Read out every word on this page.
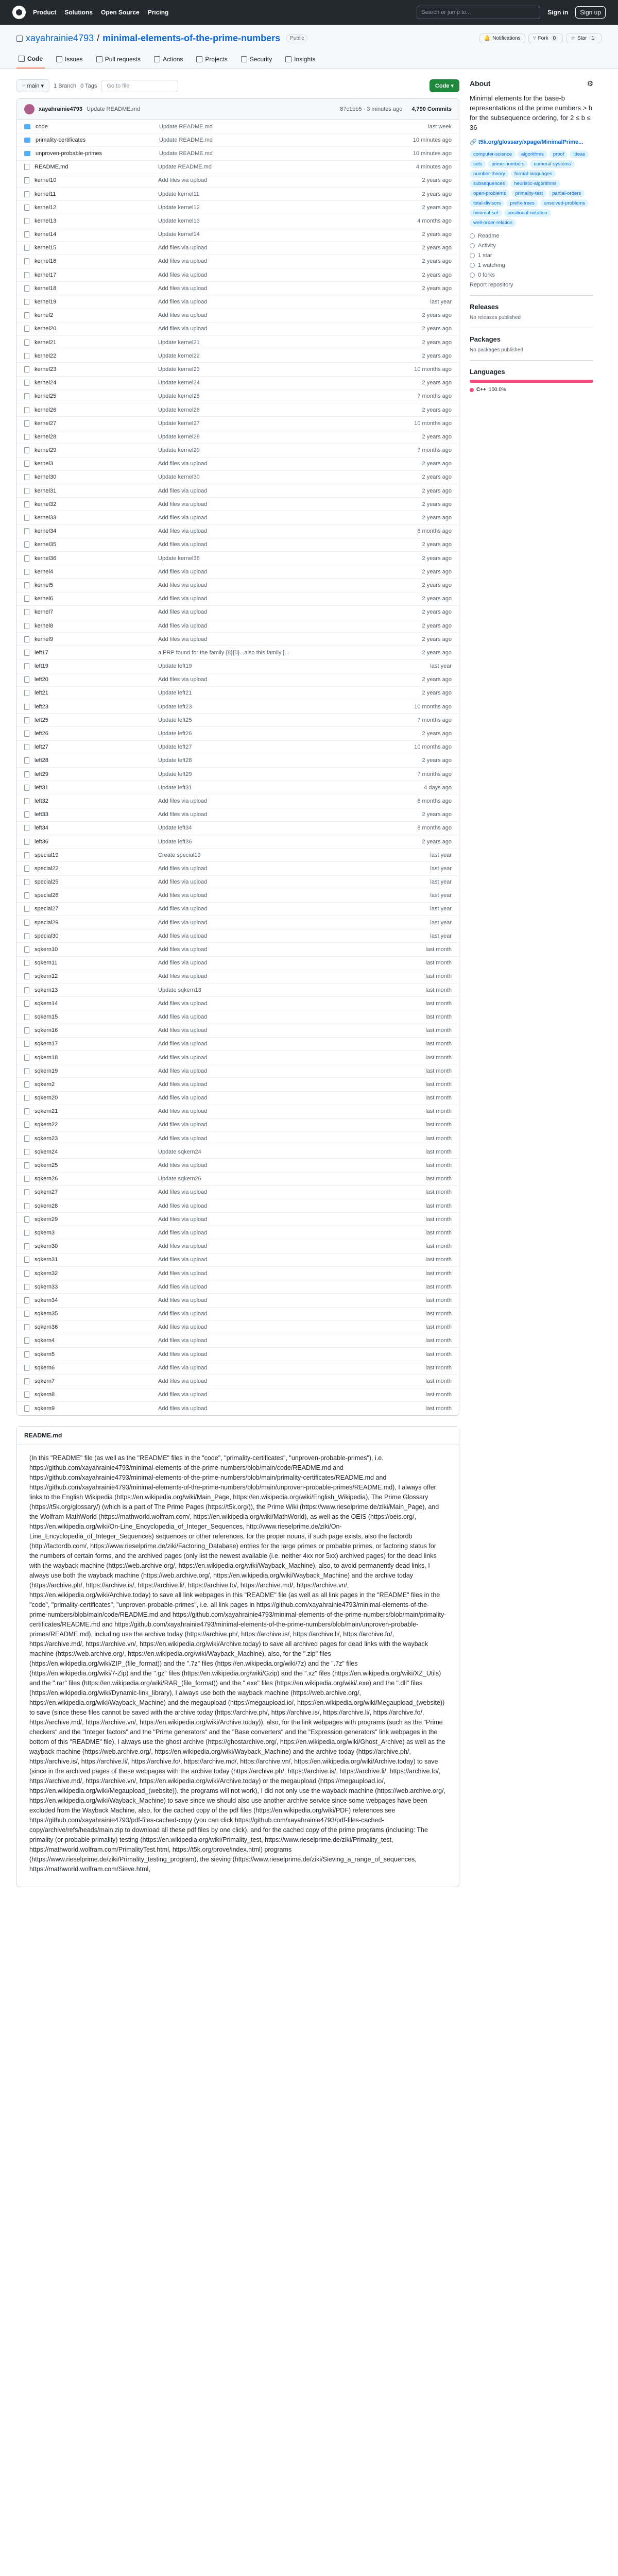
Product Solutions Open Source Pricing	Search or jump to...	Sign in	Sign up
xayahrainie4793 / minimal-elements-of-the-prime-numbers	Public	🔔 Notifications ⑂ Fork 0	☆ Star 1
Code	Issues	Pull requests	Actions	Projects	Security	Insights
⑂ main ▾	1 Branch 0 Tags	Go to file	Code ▾
xayahrainie4793 Update README.md	87c1bb5 · 3 minutes ago 4,790 Commits
code	Update README.md	last week
primality-certificates	Update README.md	10 minutes ago
unproven-probable-primes	Update README.md	10 minutes ago
README.md	Update README.md	4 minutes ago
kernel10	Add files via upload	2 years ago
kernel11	Update kernel11	2 years ago
kernel12	Update kernel12	2 years ago
kernel13	Update kernel13	4 months ago
kernel14	Update kernel14	2 years ago
kernel15	Add files via upload	2 years ago
kernel16	Add files via upload	2 years ago
kernel17	Add files via upload	2 years ago
kernel18	Add files via upload	2 years ago
kernel19	Add files via upload	last year
kernel2	Add files via upload	2 years ago
kernel20	Add files via upload	2 years ago
kernel21	Update kernel21	2 years ago
kernel22	Update kernel22	2 years ago
kernel23	Update kernel23	10 months ago
kernel24	Update kernel24	2 years ago
kernel25	Update kernel25	7 months ago
kernel26	Update kernel26	2 years ago
kernel27	Update kernel27	10 months ago
kernel28	Update kernel28	2 years ago
kernel29	Update kernel29	7 months ago
kernel3	Add files via upload	2 years ago
kernel30	Update kernel30	2 years ago
kernel31	Add files via upload	2 years ago
kernel32	Add files via upload	2 years ago
kernel33	Add files via upload	2 years ago
kernel34	Add files via upload	8 months ago
kernel35	Add files via upload	2 years ago
kernel36	Update kernel36	2 years ago
kernel4	Add files via upload	2 years ago
kernel5	Add files via upload	2 years ago
kernel6	Add files via upload	2 years ago
kernel7	Add files via upload	2 years ago
kernel8	Add files via upload	2 years ago
kernel9	Add files via upload	2 years ago
left17	a PRP found for the family {8}{0}...also this family [...	2 years ago
left19	Update left19	last year
left20	Add files via upload	2 years ago
left21	Update left21	2 years ago
left23	Update left23	10 months ago
left25	Update left25	7 months ago
left26	Update left26	2 years ago
left27	Update left27	10 months ago
left28	Update left28	2 years ago
left29	Update left29	7 months ago
left31	Update left31	4 days ago
left32	Add files via upload	8 months ago
left33	Add files via upload	2 years ago
left34	Update left34	8 months ago
left36	Update left36	2 years ago
special19	Create special19	last year
special22	Add files via upload	last year
special25	Add files via upload	last year
special26	Add files via upload	last year
special27	Add files via upload	last year
special29	Add files via upload	last year
special30	Add files via upload	last year
sqkern10	Add files via upload	last month
sqkern11	Add files via upload	last month
sqkern12	Add files via upload	last month
sqkern13	Update sqkern13	last month
sqkern14	Add files via upload	last month
sqkern15	Add files via upload	last month
sqkern16	Add files via upload	last month
sqkern17	Add files via upload	last month
sqkern18	Add files via upload	last month
sqkern19	Add files via upload	last month
sqkern2	Add files via upload	last month
sqkern20	Add files via upload	last month
sqkern21	Add files via upload	last month
sqkern22	Add files via upload	last month
sqkern23	Add files via upload	last month
sqkern24	Update sqkern24	last month
sqkern25	Add files via upload	last month
sqkern26	Update sqkern26	last month
sqkern27	Add files via upload	last month
sqkern28	Add files via upload	last month
sqkern29	Add files via upload	last month
sqkern3	Add files via upload	last month
sqkern30	Add files via upload	last month
sqkern31	Add files via upload	last month
sqkern32	Add files via upload	last month
sqkern33	Add files via upload	last month
sqkern34	Add files via upload	last month
sqkern35	Add files via upload	last month
sqkern36	Add files via upload	last month
sqkern4	Add files via upload	last month
sqkern5	Add files via upload	last month
sqkern6	Add files via upload	last month
sqkern7	Add files via upload	last month
sqkern8	Add files via upload	last month
sqkern9	Add files via upload	last month
README.md

(In this "README" file (as well as the "README" files in the "code", "primality-certificates", "unproven-probable-primes"), i.e. https://github.com/xayahrainie4793/minimal-elements-of-the-prime-numbers/blob/main/code/README.md and https://github.com/xayahrainie4793/minimal-elements-of-the-prime-numbers/blob/main/primality-certificates/README.md and https://github.com/xayahrainie4793/minimal-elements-of-the-prime-numbers/blob/main/unproven-probable-primes/README.md), I always offer links to the English Wikipedia (https://en.wikipedia.org/wiki/Main_Page, https://en.wikipedia.org/wiki/English_Wikipedia), The Prime Glossary (https://t5k.org/glossary/) (which is a part of The Prime Pages (https://t5k.org/)), the Prime Wiki (https://www.rieselprime.de/ziki/Main_Page), and the Wolfram MathWorld (https://mathworld.wolfram.com/, https://en.wikipedia.org/wiki/MathWorld), as well as the OEIS (https://oeis.org/, https://en.wikipedia.org/wiki/On-Line_Encyclopedia_of_Integer_Sequences, http://www.rieselprime.de/ziki/On-Line_Encyclopedia_of_Integer_Sequences) sequences or other references, for the proper nouns, if such page exists, also the factordb (http://factordb.com/, https://www.rieselprime.de/ziki/Factoring_Database) entries for the large primes or probable primes, or factoring status for the numbers of certain forms, and the archived pages (only list the newest available (i.e. neither 4xx nor 5xx) archived pages) for the dead links with the wayback machine (https://web.archive.org/, https://en.wikipedia.org/wiki/Wayback_Machine), also, to avoid permanently dead links, I always use both the wayback machine (https://web.archive.org/, https://en.wikipedia.org/wiki/Wayback_Machine) and the archive today (https://archive.ph/, https://archive.is/, https://archive.li/, https://archive.fo/, https://archive.md/, https://archive.vn/, https://en.wikipedia.org/wiki/Archive.today) to save all link webpages in this "README" file (as well as all link pages in the "README" files in the "code", "primality-certificates", "unproven-probable-primes", i.e. all link pages in https://github.com/xayahrainie4793/minimal-elements-of-the-prime-numbers/blob/main/code/README.md and https://github.com/xayahrainie4793/minimal-elements-of-the-prime-numbers/blob/main/primality-certificates/README.md and https://github.com/xayahrainie4793/minimal-elements-of-the-prime-numbers/blob/main/unproven-probable-primes/README.md), including use the archive today (https://archive.ph/, https://archive.is/, https://archive.li/, https://archive.fo/, https://archive.md/, https://archive.vn/, https://en.wikipedia.org/wiki/Archive.today) to save all archived pages for dead links with the wayback machine (https://web.archive.org/, https://en.wikipedia.org/wiki/Wayback_Machine), also, for the ".zip" files (https://en.wikipedia.org/wiki/ZIP_(file_format)) and the ".7z" files (https://en.wikipedia.org/wiki/7z) and the ".7z" files (https://en.wikipedia.org/wiki/7-Zip) and the ".gz" files (https://en.wikipedia.org/wiki/Gzip) and the ".xz" files (https://en.wikipedia.org/wiki/XZ_Utils) and the ".rar" files (https://en.wikipedia.org/wiki/RAR_(file_format)) and the ".exe" files (https://en.wikipedia.org/wiki/.exe) and the ".dll" files (https://en.wikipedia.org/wiki/Dynamic-link_library), I always use both the wayback machine (https://web.archive.org/, https://en.wikipedia.org/wiki/Wayback_Machine) and the megaupload (https://megaupload.io/, https://en.wikipedia.org/wiki/Megaupload_(website)) to save (since these files cannot be saved with the archive today (https://archive.ph/, https://archive.is/, https://archive.li/, https://archive.fo/, https://archive.md/, https://archive.vn/, https://en.wikipedia.org/wiki/Archive.today)), also, for the link webpages with programs (such as the "Prime checkers" and the "Integer factors" and the "Prime generators" and the "Base converters" and the "Expression generators" link webpages in the bottom of this "README" file), I always use the ghost archive (https://ghostarchive.org/, https://en.wikipedia.org/wiki/Ghost_Archive) as well as the wayback machine (https://web.archive.org/, https://en.wikipedia.org/wiki/Wayback_Machine) and the archive today (https://archive.ph/, https://archive.is/, https://archive.li/, https://archive.fo/, https://archive.md/, https://archive.vn/, https://en.wikipedia.org/wiki/Archive.today) to save (since in the archived pages of these webpages with the archive today (https://archive.ph/, https://archive.is/, https://archive.li/, https://archive.fo/, https://archive.md/, https://archive.vn/, https://en.wikipedia.org/wiki/Archive.today) or the megaupload (https://megaupload.io/, https://en.wikipedia.org/wiki/Megaupload_(website)), the programs will not work), I did not only use the wayback machine (https://web.archive.org/, https://en.wikipedia.org/wiki/Wayback_Machine) to save since we should also use another archive service since some webpages have been excluded from the Wayback Machine, also, for the cached copy of the pdf files (https://en.wikipedia.org/wiki/PDF) references see https://github.com/xayahrainie4793/pdf-files-cached-copy (you can click https://github.com/xayahrainie4793/pdf-files-cached-copy/archive/refs/heads/main.zip to download all these pdf files by one click), and for the cached copy of the prime programs (including: The primality (or probable primality) testing (https://en.wikipedia.org/wiki/Primality_test, https://www.rieselprime.de/ziki/Primality_test, https://mathworld.wolfram.com/PrimalityTest.html, https://t5k.org/prove/index.html) programs (https://www.rieselprime.de/ziki/Primality_testing_program), the sieving (https://www.rieselprime.de/ziki/Sieving_a_range_of_sequences, https://mathworld.wolfram.com/Sieve.html,

About	⚙
Minimal elements for the base-b representations of the prime numbers > b for the subsequence ordering, for 2 ≤ b ≤ 36
🔗 t5k.org/glossary/xpage/MinimalPrime...
computer-science	algorithms	proof	ideas
sets	prime-numbers	numeral-systems
number-theory	formal-languages
subsequences	heuristic-algorithms
open-problems	primality-test	partial-orders
total-divisors	prefix-trees	unsolved-problems
minimal-set	positional-notation
well-order-relation
Readme
Activity
1 star
1 watching
0 forks
Report repository
Releases
No releases published
Packages
No packages published
Languages
C++ 100.0%
